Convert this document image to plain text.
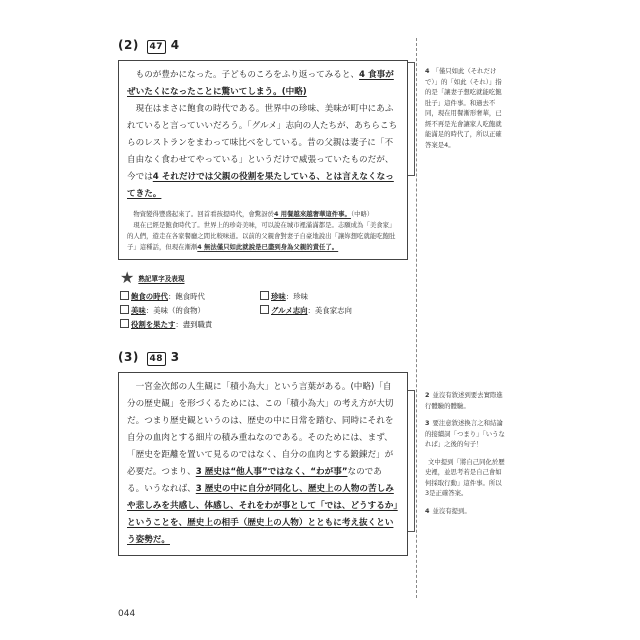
(2) 47 4

ものが豊かになった。子どものころをふり返ってみると、4 食事がぜいたくになったことに驚いてしまう。(中略)

現在はまさに飽食の時代である。世界中の珍味、美味が町中にあふれていると言っていいだろう。「グルメ」志向の人たちが、あちらこちらのレストランをまわって味比べをしている。昔の父親は妻子に「不自由なく食わせてやっている」というだけで威張っていたものだが、今では4 それだけでは父親の役割を果たしている、とは言えなくなってきた。

物資變得豐盛起來了。回首看孩提時代，會驚訝於4 用餐越來越奢華這件事。（中略）

現在已經是飽食時代了。世界上的珍奇美味，可以說在城市裡滿滿都是。志願成為「美食家」的人們，遊走在各家餐廳之間比較味道。以前的父親會對妻子自豪地說出「讓妳想吃就能吃飽肚子」這種話，但現在漸漸4 無法僅只如此就說是已盡到身為父親的責任了。

★ 熟記單字及表現
飽食の時代：飽食時代	珍味：珍味
美味：美味（的食物）	グルメ志向：美食家志向
役割を果たす：盡到職責
(3) 48 3

一宮金次郎の人生観に「積小為大」という言葉がある。(中略)「自分の歴史観」を形づくるためには、この「積小為大」の考え方が大切だ。つまり歴史観というのは、歴史の中に日常を踏む、同時にそれを自分の血肉とする細片の積み重ねなのである。そのためには、まず、「歴史を距離を置いて見るのではなく、自分の血肉とする鍛錬だ」が必要だ。つまり、3 歴史は“他人事”ではなく、“わが事”なのである。いうなれば、3 歴史の中に自分が同化し、歴史上の人物の苦しみや悲しみを共感し、体感し、それをわが事として「では、どうするか」ということを、歴史上の相手（歴史上の人物）とともに考え抜くという姿勢だ。

4 「僅只如此（それだけで）」的「如此（それ）」指的是「讓妻子想吃就能吃飽肚子」這件事。和過去不同，現在用餐漸形奢華，已經不再是光會讓家人吃飽就能滿足的時代了，所以正確答案是4。
2 並沒有敘述到要去實際進行體驗的體驗。
3 要注意敘述換言之和結論的接續詞「つまり」「いうなれば」之後的句子！
文中提到「將自己同化於歷史裡，並思考若是自己會如何採取行動」這件事。所以3是正確答案。
4 並沒有提到。
044
